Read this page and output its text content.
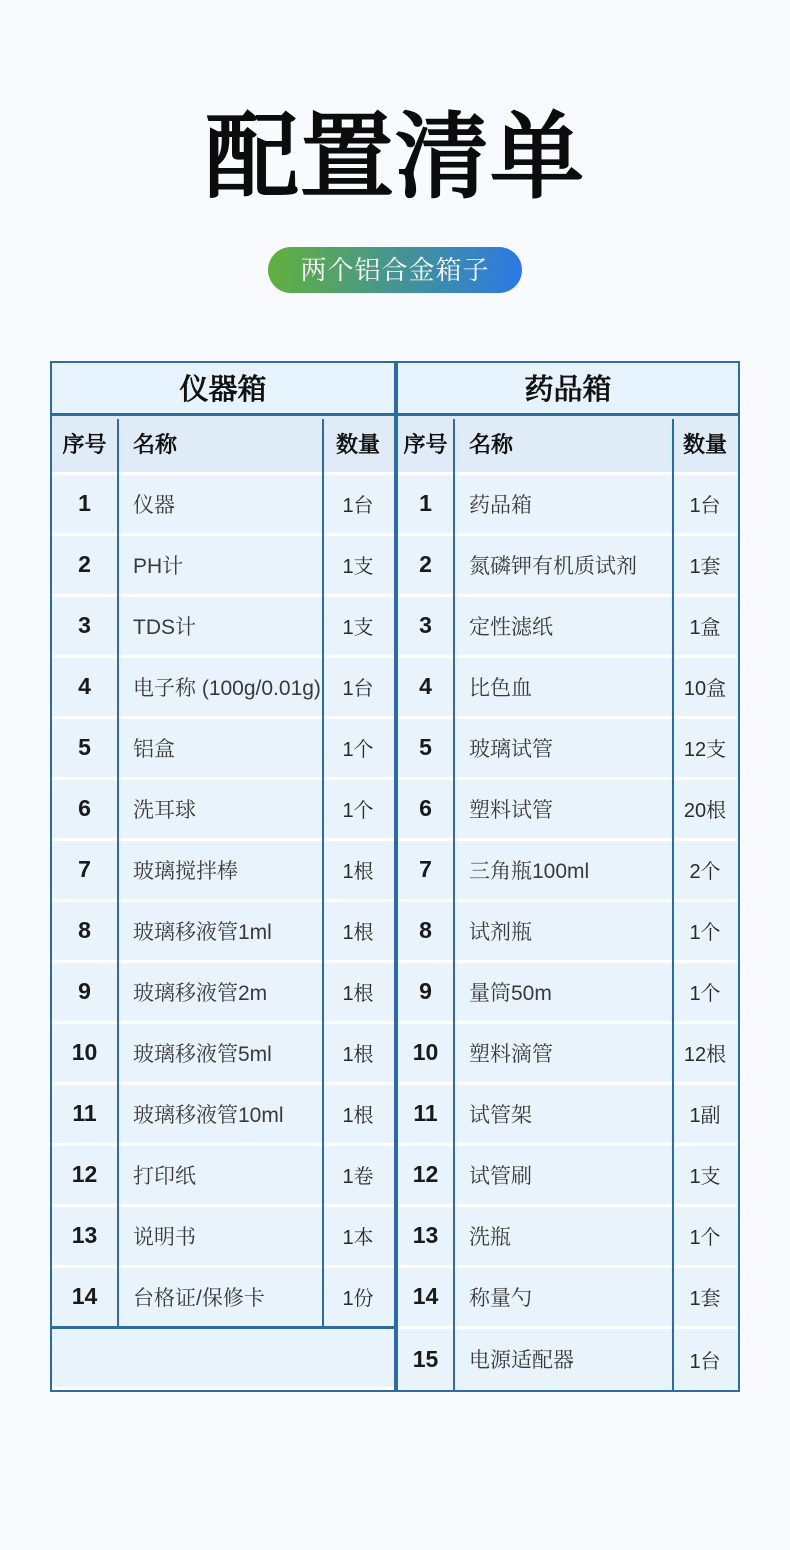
配置清单
两个铝合金箱子
仪器箱
序号	名称	数量
1	仪器	1台
2	PH计	1支
3	TDS计	1支
4	电子称 (100g/0.01g)	1台
5	铝盒	1个
6	洗耳球	1个
7	玻璃搅拌棒	1根
8	玻璃移液管1ml	1根
9	玻璃移液管2m	1根
10	玻璃移液管5ml	1根
11	玻璃移液管10ml	1根
12	打印纸	1卷
13	说明书	1本
14	台格证/保修卡	1份
药品箱
序号 名称	数量
1	药品箱	1台
2	氮磷钾有机质试剂	1套
3	定性滤纸	1盒
4	比色血	10盒
5	玻璃试管	12支
6	塑料试管	20根
7	三角瓶100ml	2个
8	试剂瓶	1个
9	量筒50m	1个
10	塑料滴管	12根
11	试管架	1副
12	试管刷	1支
13	洗瓶	1个
14	称量勺	1套
15	电源适配器	1台
